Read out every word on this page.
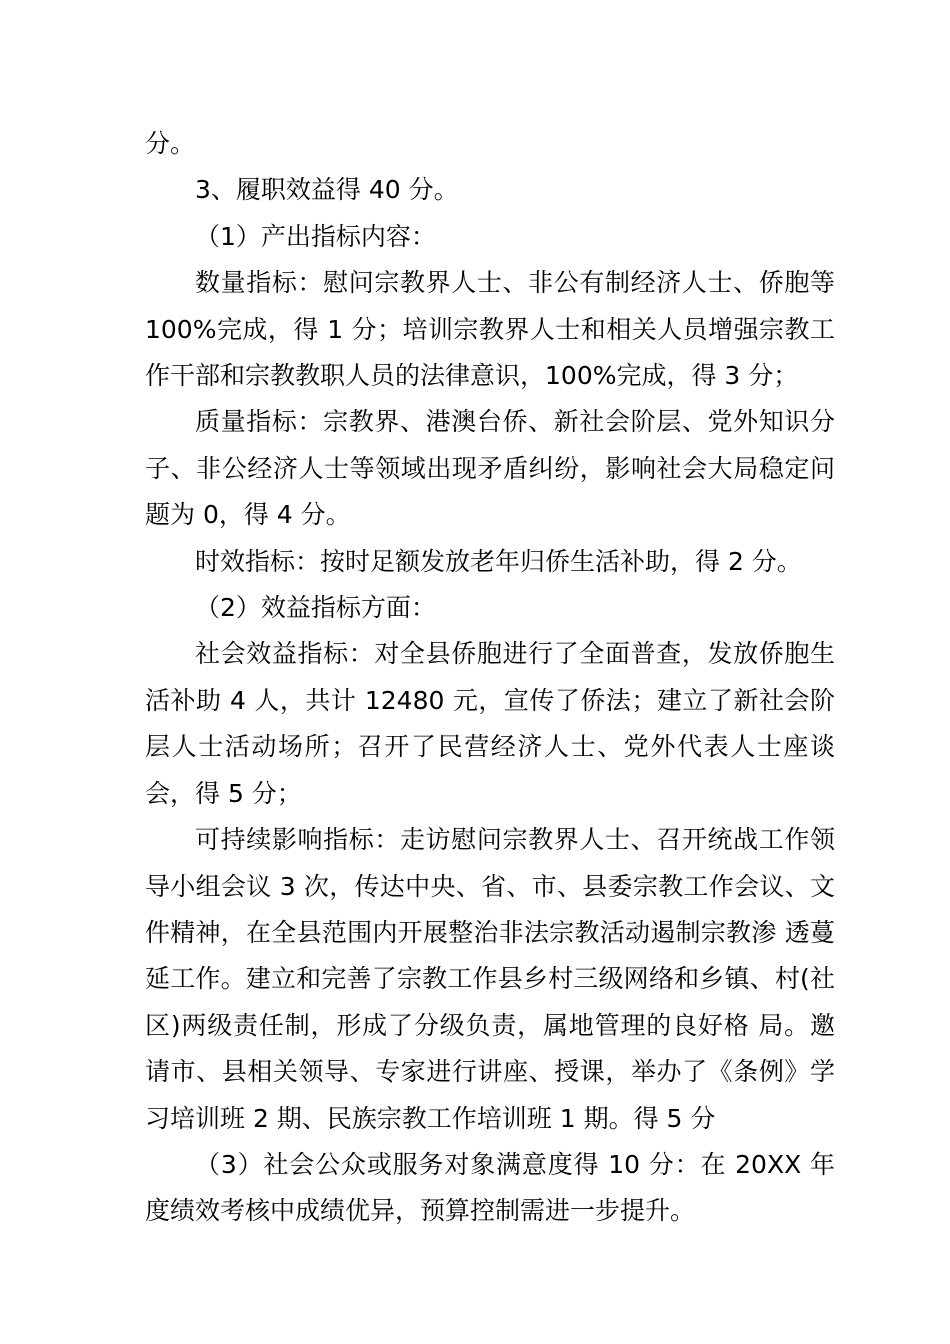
分。

3、履职效益得 40 分。

（1）产出指标内容：

数量指标：慰问宗教界人士、非公有制经济人士、侨胞等 100%完成，得 1 分；培训宗教界人士和相关人员增强宗教工作干部和宗教教职人员的法律意识，100%完成，得 3 分；

质量指标：宗教界、港澳台侨、新社会阶层、党外知识分子、非公经济人士等领域出现矛盾纠纷，影响社会大局稳定问题为 0，得 4 分。

时效指标：按时足额发放老年归侨生活补助，得 2 分。

（2）效益指标方面：

社会效益指标：对全县侨胞进行了全面普查，发放侨胞生活补助 4 人，共计 12480 元，宣传了侨法；建立了新社会阶层人士活动场所；召开了民营经济人士、党外代表人士座谈会，得 5 分；

可持续影响指标：走访慰问宗教界人士、召开统战工作领导小组会议 3 次，传达中央、省、市、县委宗教工作会议、文件精神，在全县范围内开展整治非法宗教活动遏制宗教渗 透蔓延工作。建立和完善了宗教工作县乡村三级网络和乡镇、村(社区)两级责任制，形成了分级负责，属地管理的良好格 局。邀请市、县相关领导、专家进行讲座、授课，举办了《条例》学习培训班 2 期、民族宗教工作培训班 1 期。得 5 分

（3）社会公众或服务对象满意度得 10 分：在 20XX 年度绩效考核中成绩优异，预算控制需进一步提升。
